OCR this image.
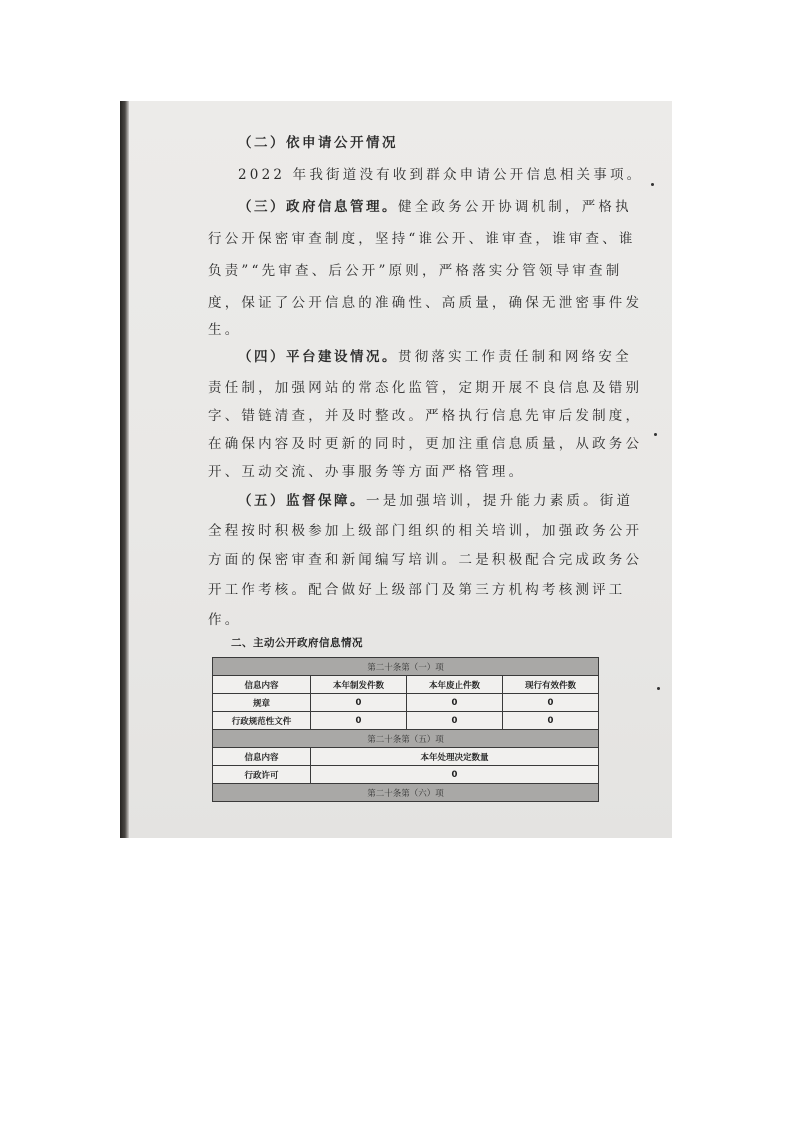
（二）依申请公开情况
2022 年我街道没有收到群众申请公开信息相关事项。
（三）政府信息管理。健全政务公开协调机制，严格执
行公开保密审查制度，坚持“谁公开、谁审查，谁审查、谁
负责”“先审查、后公开”原则，严格落实分管领导审查制
度，保证了公开信息的准确性、高质量，确保无泄密事件发
生。
（四）平台建设情况。贯彻落实工作责任制和网络安全
责任制，加强网站的常态化监管，定期开展不良信息及错别
字、错链清查，并及时整改。严格执行信息先审后发制度，
在确保内容及时更新的同时，更加注重信息质量，从政务公
开、互动交流、办事服务等方面严格管理。
（五）监督保障。一是加强培训，提升能力素质。街道
全程按时积极参加上级部门组织的相关培训，加强政务公开
方面的保密审查和新闻编写培训。二是积极配合完成政务公
开工作考核。配合做好上级部门及第三方机构考核测评工
作。
二、主动公开政府信息情况
第二十条第（一）项			
信息内容	本年制发件数	本年废止件数	现行有效件数
规章	0	0	0
行政规范性文件	0	0	0
第二十条第（五）项			
信息内容	本年处理决定数量		
行政许可	0		
第二十条第（六）项			
